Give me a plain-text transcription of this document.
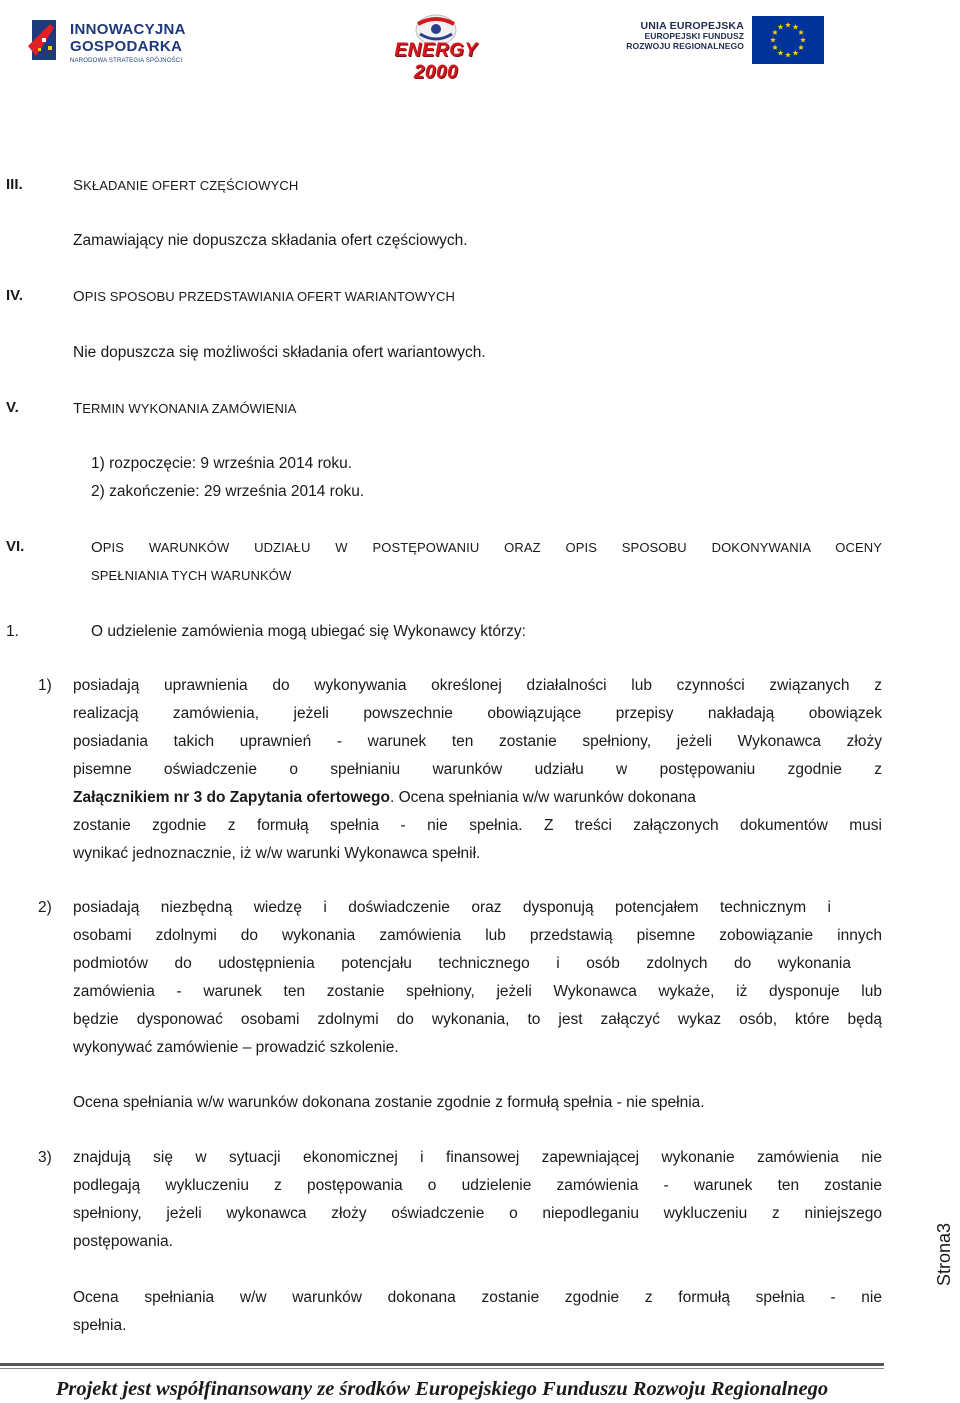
INNOWACYJNA
GOSPODARKA
NARODOWA STRATEGIA SPÓJNOŚCI	ENERGY 2000
UNIA EUROPEJSKA
EUROPEJSKI FUNDUSZ
ROZWOJU REGIONALNEGO
III.	SKŁADANIE OFERT CZĘŚCIOWYCH
Zamawiający nie dopuszcza składania ofert częściowych.
IV.	OPIS SPOSOBU PRZEDSTAWIANIA OFERT WARIANTOWYCH
Nie dopuszcza się możliwości składania ofert wariantowych.
V.	TERMIN WYKONANIA ZAMÓWIENIA
1) rozpoczęcie: 9 września 2014 roku.
2) zakończenie: 29 września 2014 roku.
VI.	OPIS WARUNKÓW UDZIAŁU W POSTĘPOWANIU ORAZ OPIS SPOSOBU DOKONYWANIA OCENY
SPEŁNIANIA TYCH WARUNKÓW
1.	O udzielenie zamówienia mogą ubiegać się Wykonawcy którzy:
1) posiadają uprawnienia do wykonywania określonej działalności lub czynności związanych z
realizacją zamówienia, jeżeli powszechnie obowiązujące przepisy nakładają obowiązek
posiadania takich uprawnień - warunek ten zostanie spełniony, jeżeli Wykonawca złoży
pisemne oświadczenie o spełnianiu warunków udziału w postępowaniu zgodnie z
Załącznikiem nr 3 do Zapytania ofertowego. Ocena spełniania w/w warunków dokonana
zostanie zgodnie z formułą spełnia - nie spełnia. Z treści załączonych dokumentów musi
wynikać jednoznacznie, iż w/w warunki Wykonawca spełnił.
2) posiadają niezbędną wiedzę i doświadczenie oraz dysponują potencjałem technicznym i
osobami zdolnymi do wykonania zamówienia lub przedstawią pisemne zobowiązanie innych
podmiotów do udostępnienia potencjału technicznego i osób zdolnych do wykonania
zamówienia - warunek ten zostanie spełniony, jeżeli Wykonawca wykaże, iż dysponuje lub
będzie dysponować osobami zdolnymi do wykonania, to jest załączyć wykaz osób, które będą
wykonywać zamówienie – prowadzić szkolenie.
Ocena spełniania w/w warunków dokonana zostanie zgodnie z formułą spełnia - nie spełnia.
3) znajdują się w sytuacji ekonomicznej i finansowej zapewniającej wykonanie zamówienia nie
podlegają wykluczeniu z postępowania o udzielenie zamówienia - warunek ten zostanie
spełniony, jeżeli wykonawca złoży oświadczenie o niepodleganiu wykluczeniu z niniejszego
postępowania.
Ocena spełniania w/w warunków dokonana zostanie zgodnie z formułą spełnia - nie
spełnia.
Strona3
Projekt jest współfinansowany ze środków Europejskiego Funduszu Rozwoju Regionalnego
